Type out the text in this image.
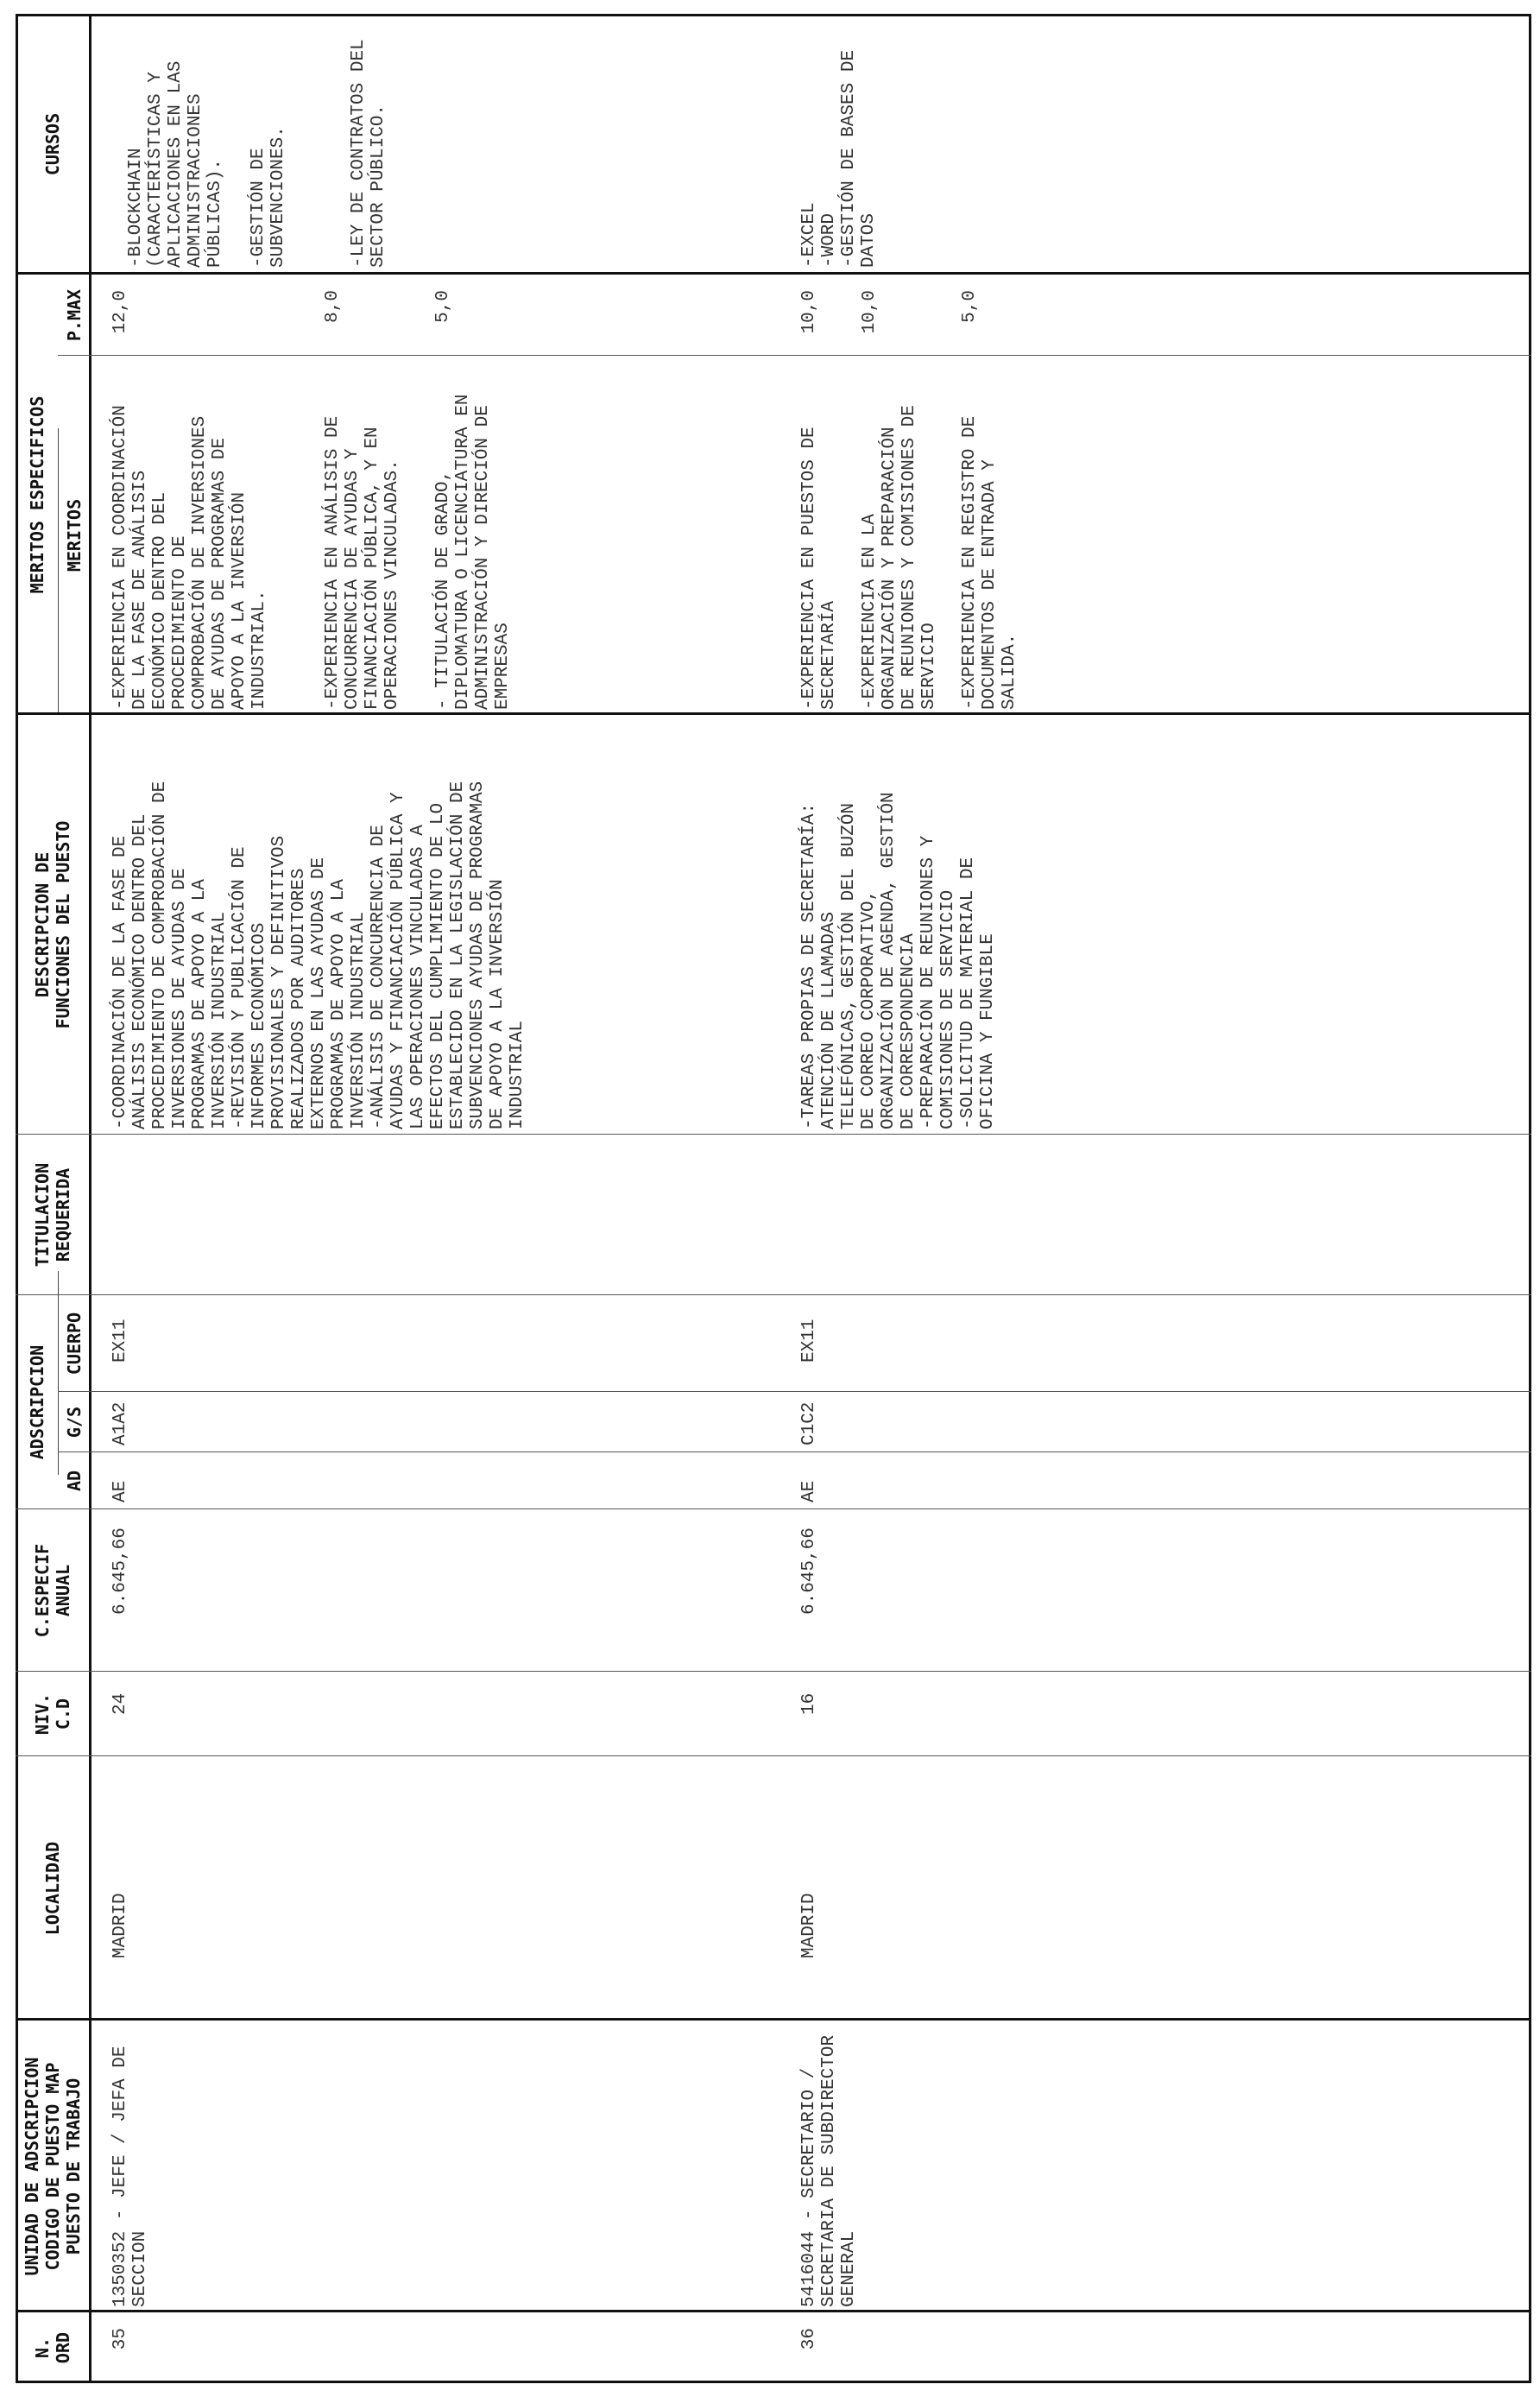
N.
ORD
UNIDAD DE ADSCRIPCION
CODIGO DE PUESTO MAP
PUESTO DE TRABAJO
LOCALIDAD
NIV.
C.D
C.ESPECIF
ANUAL
ADSCRIPCION
AD
G/S
CUERPO
TITULACION
REQUERIDA
DESCRIPCION DE
FUNCIONES DEL PUESTO
MERITOS ESPECIFICOS MERITOS
P.MAX
CURSOS
35
1350352 - JEFE / JEFA DE
SECCION
MADRID
24
6.645,66
AE
A1A2
EX11
-COORDINACIÓN DE LA FASE DE
ANÁLISIS ECONÓMICO DENTRO DEL
PROCEDIMIENTO DE COMPROBACIÓN DE
INVERSIONES DE AYUDAS DE
PROGRAMAS DE APOYO A LA
INVERSIÓN INDUSTRIAL
-REVISIÓN Y PUBLICACIÓN DE
INFORMES ECONÓMICOS
PROVISIONALES Y DEFINITIVOS
REALIZADOS POR AUDITORES
EXTERNOS EN LAS AYUDAS DE
PROGRAMAS DE APOYO A LA
INVERSIÓN INDUSTRIAL
-ANÁLISIS DE CONCURRENCIA DE
AYUDAS Y FINANCIACIÓN PÚBLICA Y
LAS OPERACIONES VINCULADAS A
EFECTOS DEL CUMPLIMIENTO DE LO
ESTABLECIDO EN LA LEGISLACIÓN DE
SUBVENCIONES AYUDAS DE PROGRAMAS
DE APOYO A LA INVERSIÓN
INDUSTRIAL
-EXPERIENCIA EN COORDINACIÓN
DE LA FASE DE ANÁLISIS
ECONÓMICO DENTRO DEL
PROCEDIMIENTO DE
COMPROBACIÓN DE INVERSIONES
DE AYUDAS DE PROGRAMAS DE
APOYO A LA INVERSIÓN
INDUSTRIAL.
12,0
-EXPERIENCIA EN ANÁLISIS DE
CONCURRENCIA DE AYUDAS Y
FINANCIACIÓN PÚBLICA, Y EN
OPERACIONES VINCULADAS.
8,0
- TITULACIÓN DE GRADO,
DIPLOMATURA O LICENCIATURA EN
ADMINISTRACIÓN Y DIRECIÓN DE
EMPRESAS
5,0
-BLOCKCHAIN
(CARACTERÍSTICAS Y
APLICACIONES EN LAS
ADMINISTRACIONES
PÚBLICAS). -GESTIÓN DE
SUBVENCIONES.	-LEY DE CONTRATOS DEL
SECTOR PÚBLICO.
36
5416044 - SECRETARIO /
SECRETARIA DE SUBDIRECTOR
GENERAL
MADRID
16
6.645,66
AE
C1C2
EX11
-TAREAS PROPIAS DE SECRETARÍA:
ATENCIÓN DE LLAMADAS
TELEFÓNICAS, GESTIÓN DEL BUZÓN
DE CORREO CORPORATIVO,
ORGANIZACIÓN DE AGENDA, GESTIÓN
DE CORRESPONDENCIA
-PREPARACIÓN DE REUNIONES Y
COMISIONES DE SERVICIO
-SOLICITUD DE MATERIAL DE
OFICINA Y FUNGIBLE
-EXPERIENCIA EN PUESTOS DE
SECRETARÍA
10,0
-EXPERIENCIA EN LA
ORGANIZACIÓN Y PREPARACIÓN
DE REUNIONES Y COMISIONES DE
SERVICIO
10,0
-EXPERIENCIA EN REGISTRO DE
DOCUMENTOS DE ENTRADA Y
SALIDA.
5,0
-EXCEL
-WORD
-GESTIÓN DE BASES DE
DATOS
